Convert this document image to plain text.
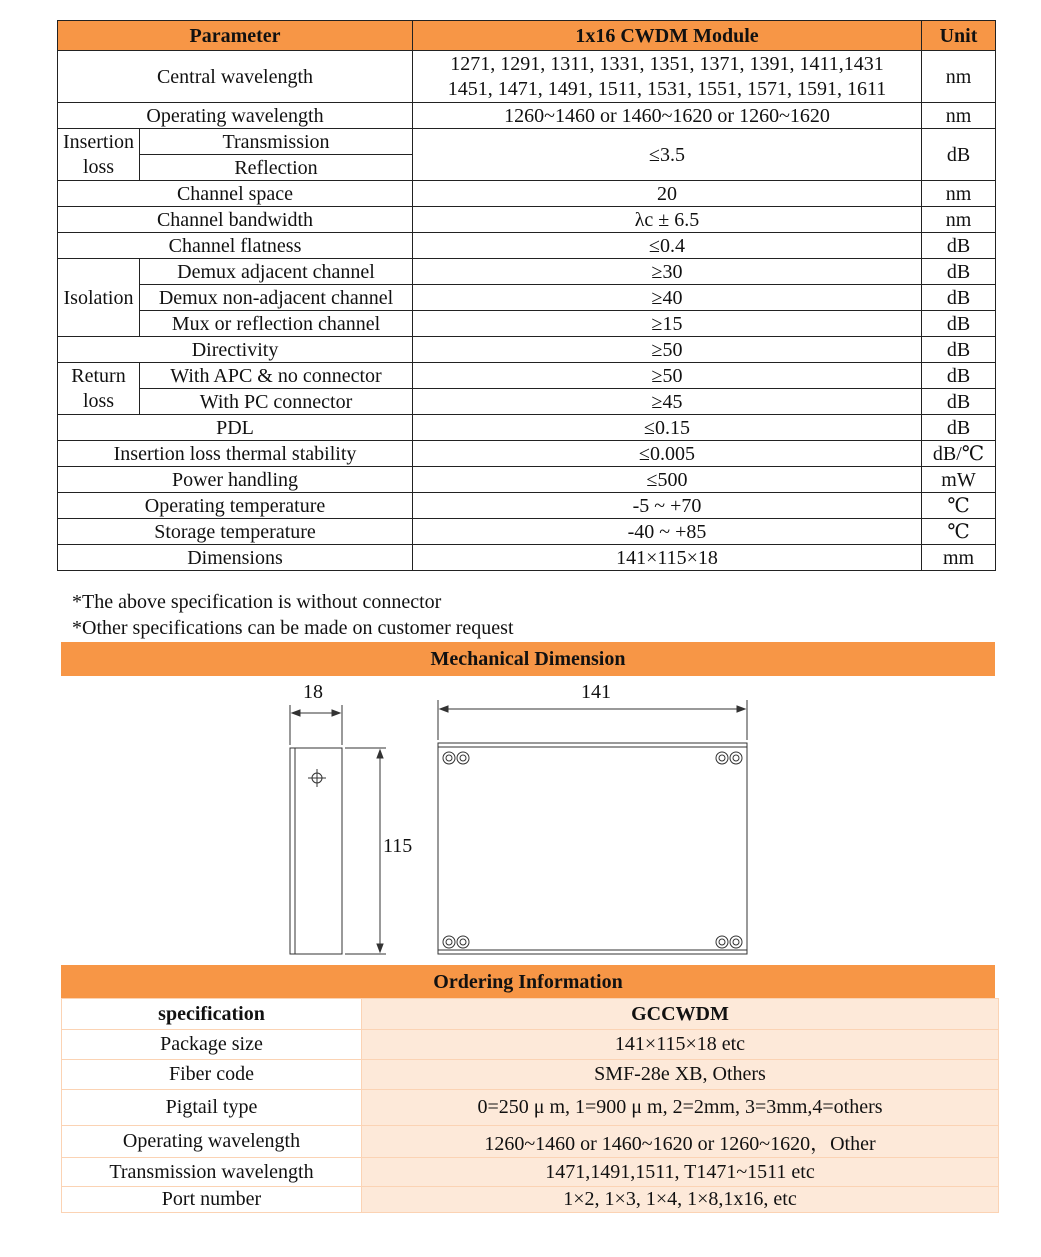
Parameter		1x16 CWDM Module	Unit
Central wavelength		1271, 1291, 1311, 1331, 1351, 1371, 1391, 1411,1431
1451, 1471, 1491, 1511, 1531, 1551, 1571, 1591, 1611	nm
Operating wavelength		1260~1460 or 1460~1620 or 1260~1620	nm

Insertion
loss	Transmission	≤3.5	dB
	Reflection		
Channel space		20	nm
Channel bandwidth		λc ± 6.5	nm
Channel flatness		≤0.4	dB
Isolation	Demux adjacent channel	≥30	dB
	Demux non-adjacent channel	≥40	dB
	Mux or reflection channel	≥15	dB
Directivity		≥50	dB

Return
loss	With APC & no connector	≥50	dB
	With PC connector	≥45	dB
PDL		≤0.15	dB
Insertion loss thermal stability		≤0.005	dB/℃
Power handling		≤500	mW
Operating temperature		-5 ~ +70	℃
Storage temperature		-40 ~ +85	℃
Dimensions		141×115×18	mm
*The above specification is without connector
*Other specifications can be made on customer request
Mechanical Dimension
18	141
115
Ordering Information
specification	GCCWDM
Package size	141×115×18 etc
Fiber code	SMF-28e XB, Others
Pigtail type	0=250 μ m, 1=900 μ m, 2=2mm, 3=3mm,4=others
Operating wavelength	1260~1460 or 1460~1620 or 1260~1620，Other
Transmission wavelength	1471,1491,1511, T1471~1511 etc
Port number	1×2, 1×3, 1×4, 1×8,1x16, etc
